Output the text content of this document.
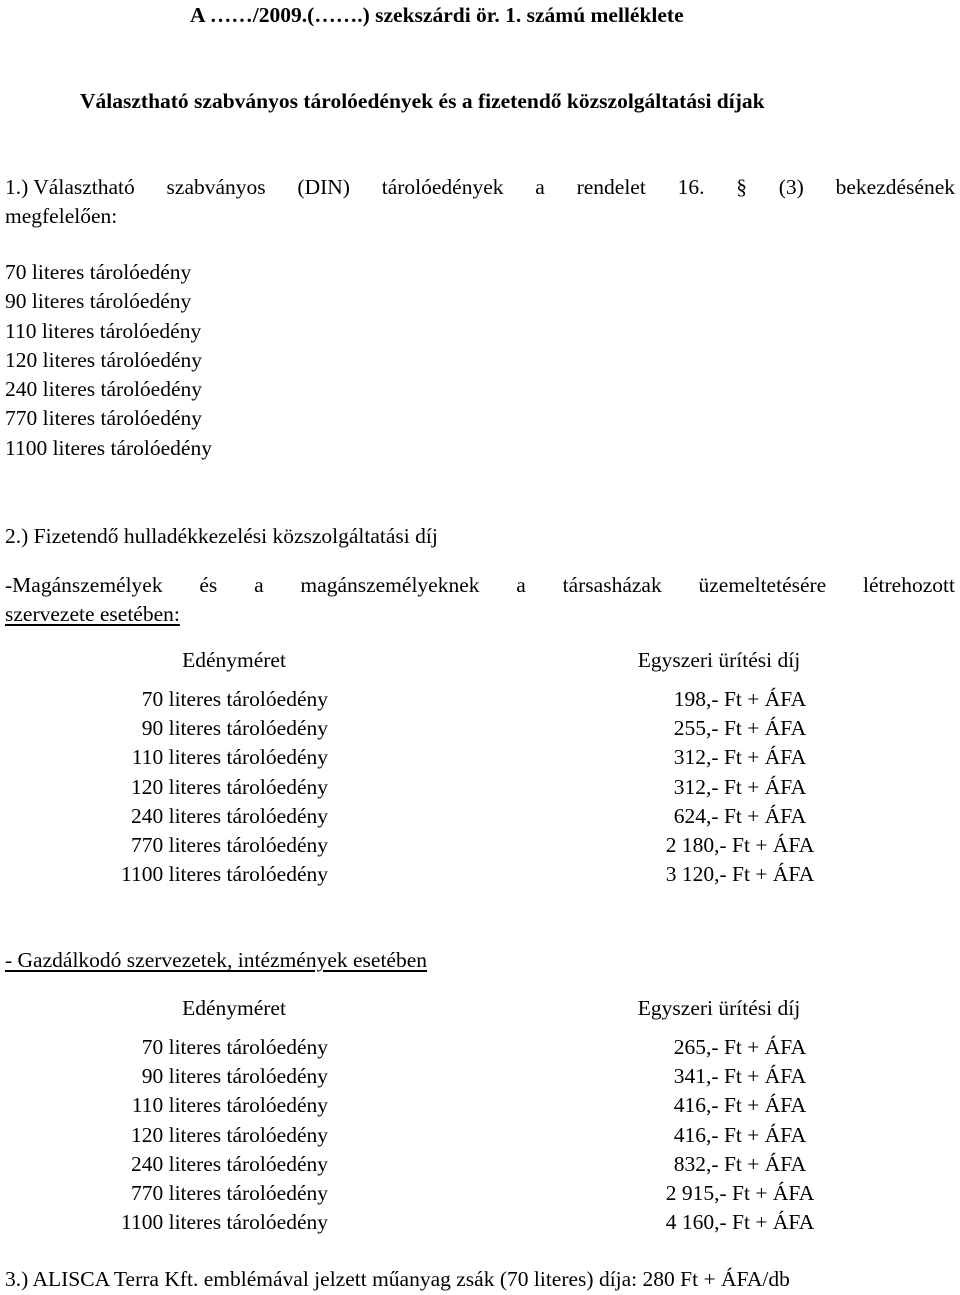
A ……/2009.(…….) szekszárdi ör. 1. számú melléklete
Választható szabványos tárolóedények és a fizetendő közszolgáltatási díjak
1.) Választható szabványos (DIN) tárolóedények a rendelet 16. § (3) bekezdésének
megfelelően:
70 literes tárolóedény
90 literes tárolóedény
110 literes tárolóedény
120 literes tárolóedény
240 literes tárolóedény
770 literes tárolóedény
1100 literes tárolóedény
2.) Fizetendő hulladékkezelési közszolgáltatási díj
-Magánszemélyek és a magánszemélyeknek a társasházak üzemeltetésére létrehozott
szervezete esetében:
Edényméret	Egyszeri ürítési díj
70 literes tárolóedény
90 literes tárolóedény
110 literes tárolóedény
120 literes tárolóedény
240 literes tárolóedény
770 literes tárolóedény
1100 literes tárolóedény
198,- Ft + ÁFA
255,- Ft + ÁFA
312,- Ft + ÁFA
312,- Ft + ÁFA
624,- Ft + ÁFA
2 180,- Ft + ÁFA
3 120,- Ft + ÁFA
- Gazdálkodó szervezetek, intézmények esetében
Edényméret	Egyszeri ürítési díj
70 literes tárolóedény
90 literes tárolóedény
110 literes tárolóedény
120 literes tárolóedény
240 literes tárolóedény
770 literes tárolóedény
1100 literes tárolóedény
265,- Ft + ÁFA
341,- Ft + ÁFA
416,- Ft + ÁFA
416,- Ft + ÁFA
832,- Ft + ÁFA
2 915,- Ft + ÁFA
4 160,- Ft + ÁFA
3.) ALISCA Terra Kft. emblémával jelzett műanyag zsák (70 literes) díja: 280 Ft + ÁFA/db
